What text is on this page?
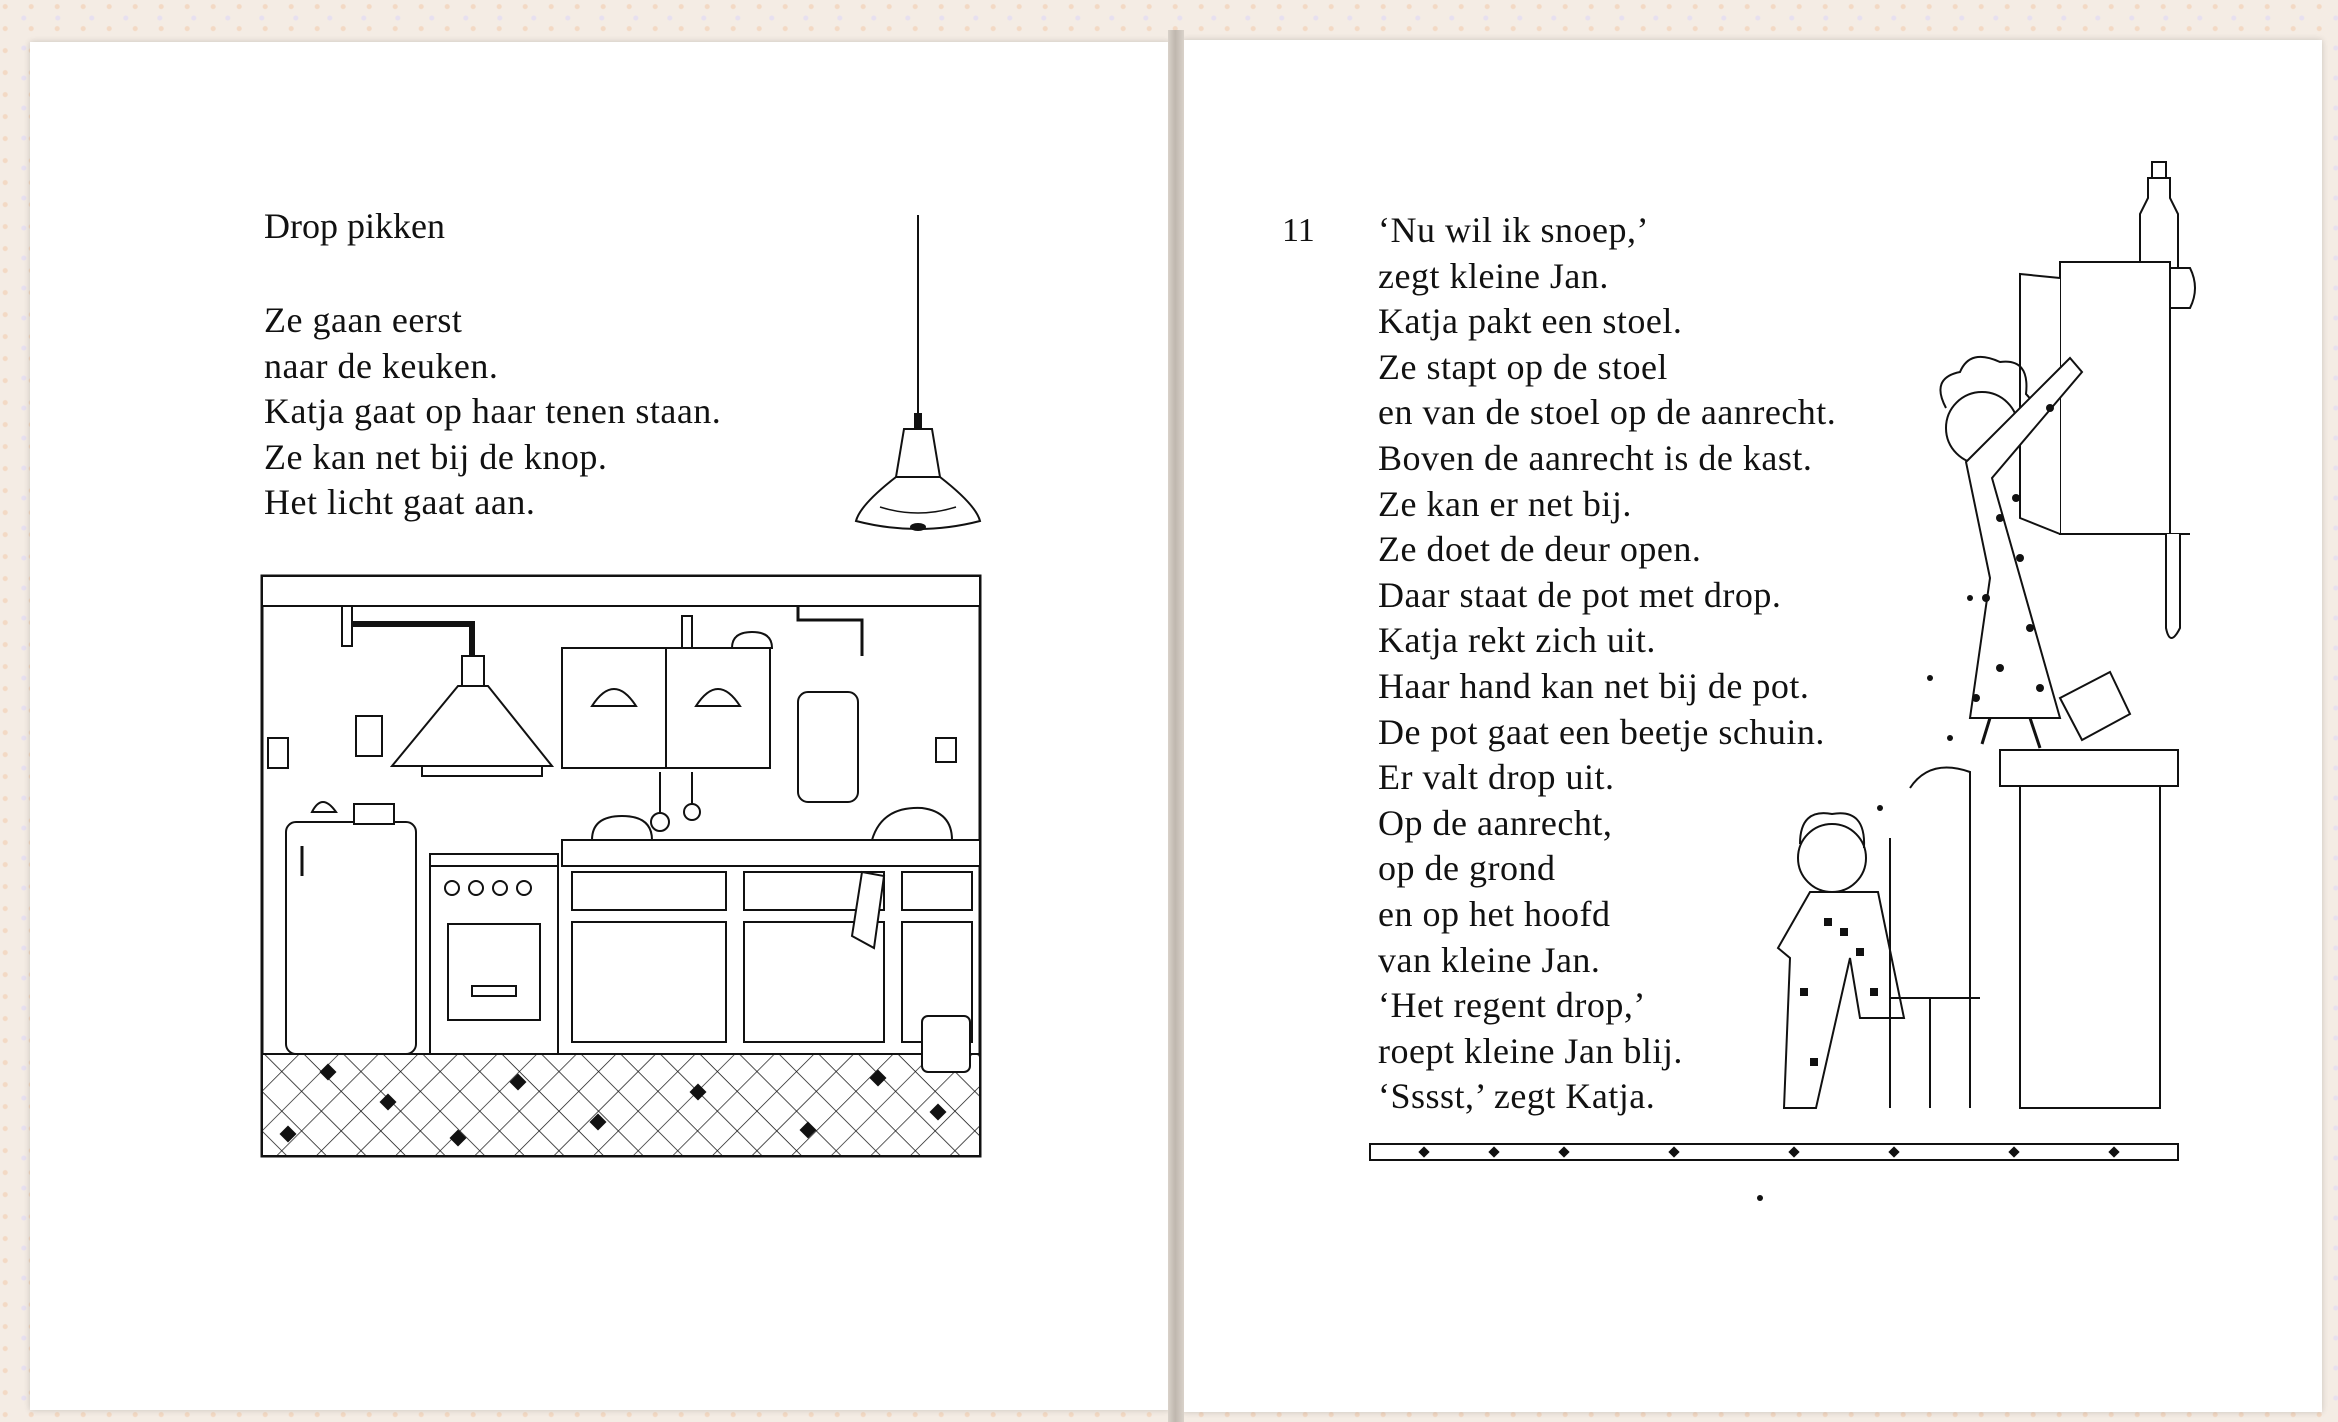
Drop pikken
Ze gaan eerst
naar de keuken.
Katja gaat op haar tenen staan.
Ze kan net bij de knop.
Het licht gaat aan.
11 ‘Nu wil ik snoep,’
zegt kleine Jan.
Katja pakt een stoel.
Ze stapt op de stoel
en van de stoel op de aanrecht.
Boven de aanrecht is de kast.
Ze kan er net bij.
Ze doet de deur open.
Daar staat de pot met drop.
Katja rekt zich uit.
Haar hand kan net bij de pot.
De pot gaat een beetje schuin.
Er valt drop uit.
Op de aanrecht,
op de grond
en op het hoofd
van kleine Jan.
‘Het regent drop,’
roept kleine Jan blij.
‘Sssst,’ zegt Katja.
